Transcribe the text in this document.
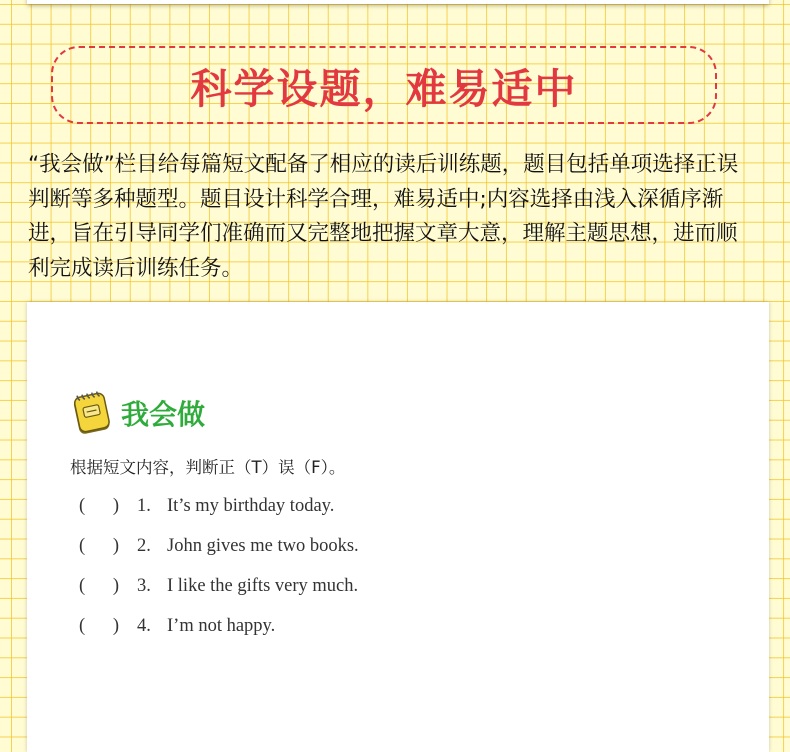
科学设题，难易适中

“我会做”栏目给每篇短文配备了相应的读后训练题，题目包括单项选择正误判断等多种题型。题目设计科学合理，难易适中;内容选择由浅入深循序渐进，旨在引导同学们准确而又完整地把握文章大意，理解主题思想，进而顺利完成读后训练任务。

我会做
根据短文内容，判断正（T）误（F）。
(      ) 1. It’s my birthday today.
(      ) 2. John gives me two books.
(      ) 3. I like the gifts very much.
(      ) 4. I’m not happy.
